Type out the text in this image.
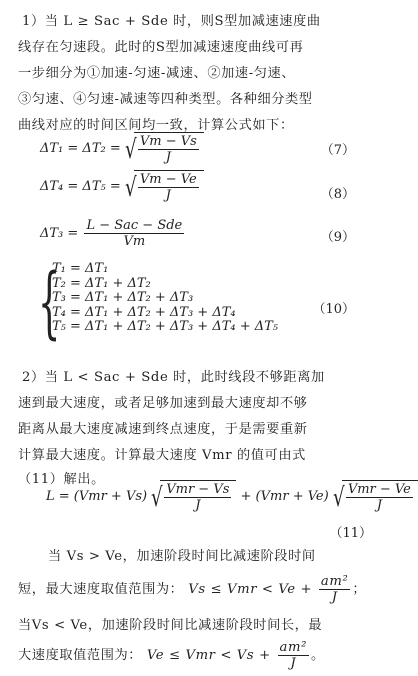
1）当 L ≥ Sac + Sde 时，则S型加减速速度曲
线存在匀速段。此时的S型加减速速度曲线可再
一步细分为①加速-匀速-减速、②加速-匀速、
③匀速、④匀速-减速等四种类型。各种细分类型
曲线对应的时间区间均一致，计算公式如下：
ΔT₁ = ΔT₂ = √ $\frac{Vm - Vs}{J}$	（7）
ΔT₄ = ΔT₅ = √ $\frac{Vm - Ve}{J}$	（8）
$\Delta T_3 = \frac{\text{L − Sac − Sde}}{Vm}$	（9）
{
T₁ = ΔT₁
T₂ = ΔT₁ + ΔT₂
T₃ = ΔT₁ + ΔT₂ + ΔT₃
T₄ = ΔT₁ + ΔT₂ + ΔT₃ + ΔT₄
T₅ = ΔT₁ + ΔT₂ + ΔT₃ + ΔT₄ + ΔT₅
（10）
2）当 L < Sac + Sde 时，此时线段不够距离加
速到最大速度，或者足够加速到最大速度却不够
距离从最大速度减速到终点速度，于是需要重新
计算最大速度。计算最大速度 Vmr 的值可由式
（11）解出。
L = (Vmr + Vs) √ $\frac{\text{Vmr − Vs}}{J} + (Vmr + Ve)$ √ $\frac{\text{Vmr − Ve}}{J}$
（11）
当 Vs > Ve，加速阶段时间比减速阶段时间
短，最大速度取值范围为： Vs ≤ Vmr < $Ve + \frac{\text{am²}}{J}$ ；
当Vs < Ve，加速阶段时间比减速阶段时间长，最
大速度取值范围为： Ve ≤ Vmr < $Vs + \frac{\text{am²}}{J}$ 。
